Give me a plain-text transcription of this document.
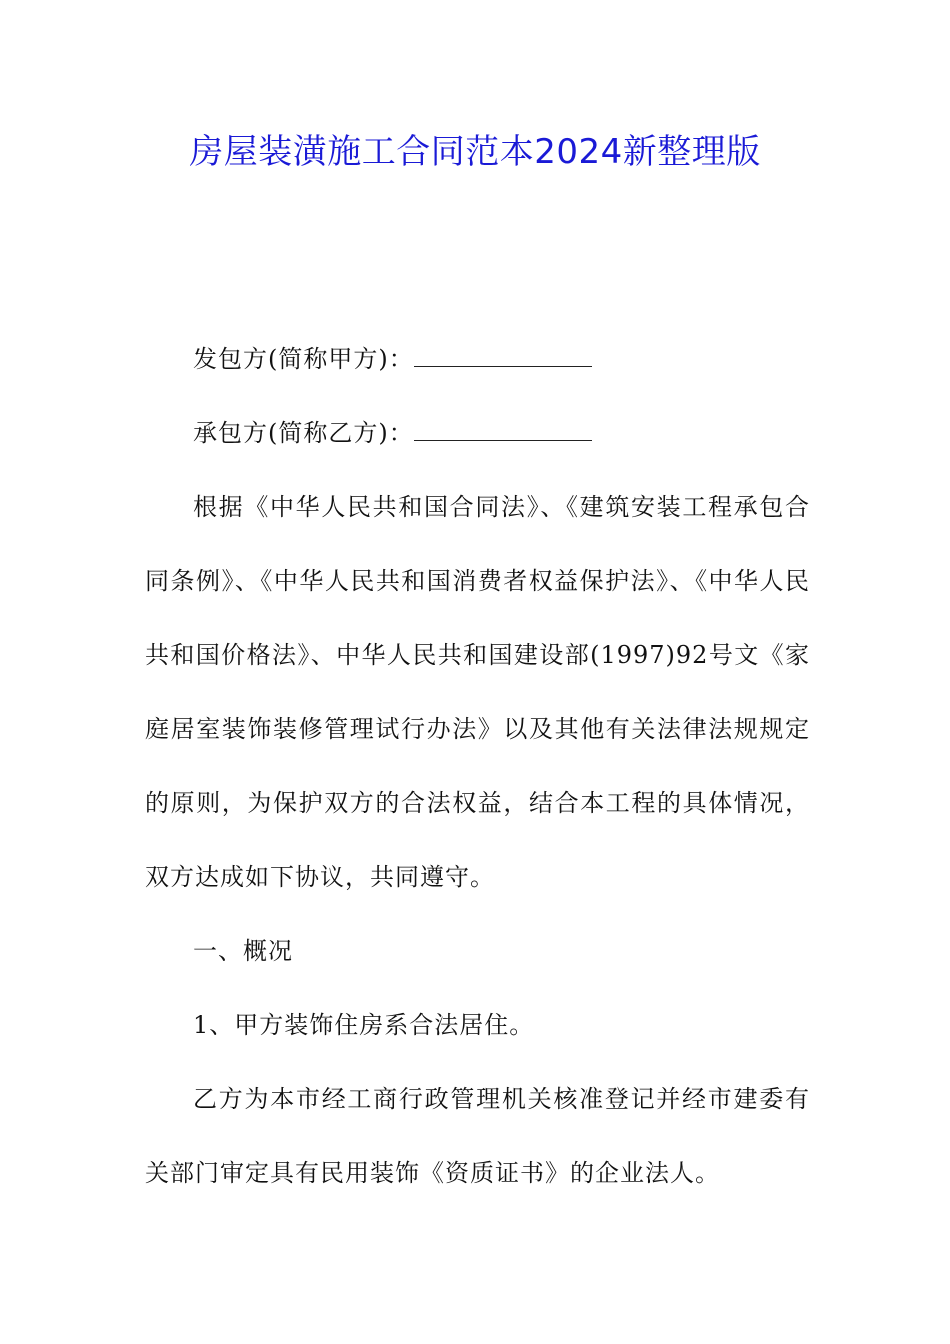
房屋装潢施工合同范本2024新整理版

发包方(简称甲方)：

承包方(简称乙方)：

根据《中华人民共和国合同法》、《建筑安装工程承包合同条例》、《中华人民共和国消费者权益保护法》、《中华人民共和国价格法》、中华人民共和国建设部(1997)92号文《家庭居室装饰装修管理试行办法》以及其他有关法律法规规定的原则，为保护双方的合法权益，结合本工程的具体情况，双方达成如下协议，共同遵守。

一、概况

1、甲方装饰住房系合法居住。

乙方为本市经工商行政管理机关核准登记并经市建委有关部门审定具有民用装饰《资质证书》的企业法人。
